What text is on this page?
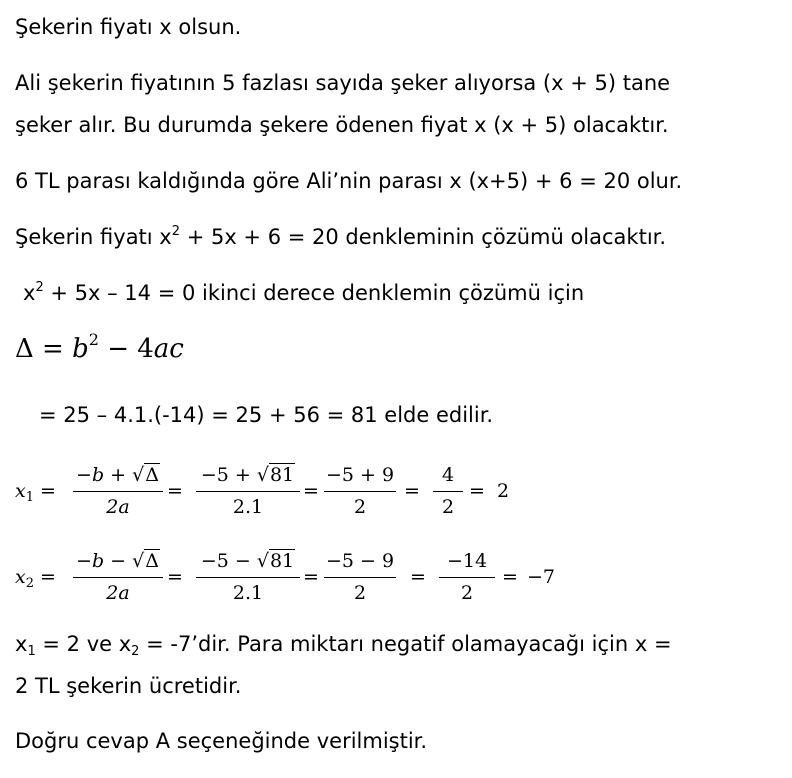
Şekerin fiyatı x olsun.
Ali şekerin fiyatının 5 fazlası sayıda şeker alıyorsa (x + 5) tane
şeker alır. Bu durumda şekere ödenen fiyat x (x + 5) olacaktır.
6 TL parası kaldığında göre Ali’nin parası x (x+5) + 6 = 20 olur.
Şekerin fiyatı $x^2 + 5x + 6 = 20$ denkleminin çözümü olacaktır.
$x^2 + 5x - 14 = 0$ ikinci derece denklemin çözümü için
$\Delta = b^2 - 4ac$
= 25 – 4.1.(-14) = 25 + 56 = 81 elde edilir.
$x_1$ =
−b + √Δ
2a
=
−5 + √81
2.1
=
−5 + 9
2
=
4
2
= 2
$x_2$ =
−b − √Δ
2a
=
−5 − √81
2.1
=
−5 − 9
2
=
−14
2
= −7
x1 = 2 ve x2 = -7’dir. Para miktarı negatif olamayacağı için x =
2 TL şekerin ücretidir.
Doğru cevap A seçeneğinde verilmiştir.
